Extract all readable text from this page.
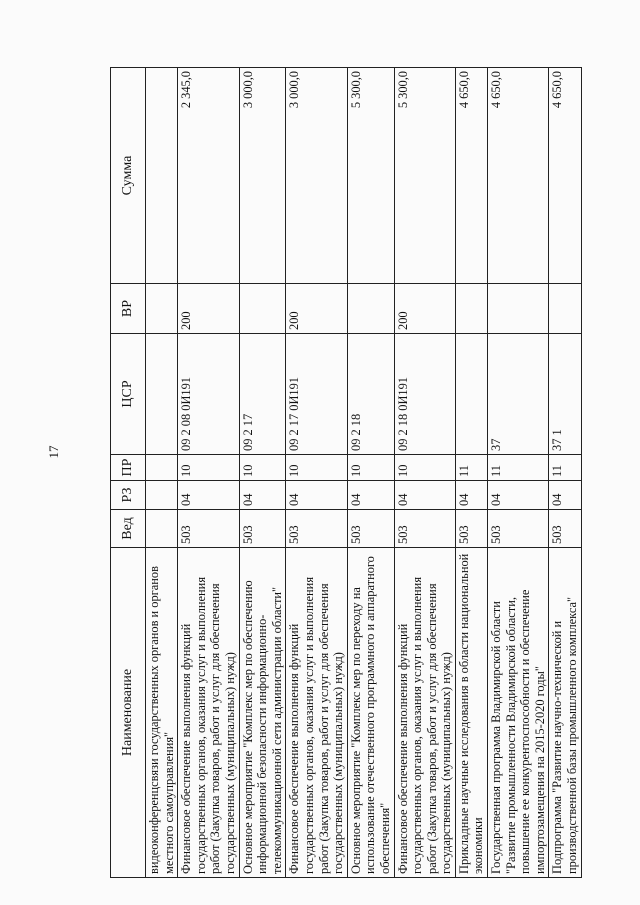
17
Наименование	Вед	РЗ	ПР	ЦСР	ВР	Сумма
видеоконференцсвязи государственных органов и органов местного самоуправления"						
Финансовое обеспечение выполнения функций государственных органов, оказания услуг и выполнения работ (Закупка товаров, работ и услуг для обеспечения государственных (муниципальных) нужд)	503	04	10	09 2 08 0И191	200	2 345,0
Основное мероприятие "Комплекс мер по обеспечению информационной безопасности информационно-телекоммуникационной сети администрации области"	503	04	10	09 2 17		3 000,0
Финансовое обеспечение выполнения функций государственных органов, оказания услуг и выполнения работ (Закупка товаров, работ и услуг для обеспечения государственных (муниципальных) нужд)	503	04	10	09 2 17 0И191	200	3 000,0
Основное мероприятие "Комплекс мер по переходу на использование отечественного программного и аппаратного обеспечения"	503	04	10	09 2 18		5 300,0
Финансовое обеспечение выполнения функций государственных органов, оказания услуг и выполнения работ (Закупка товаров, работ и услуг для обеспечения государственных (муниципальных) нужд)	503	04	10	09 2 18 0И191	200	5 300,0
Прикладные научные исследования в области национальной экономики	503	04	11			4 650,0
Государственная программа Владимирской области "Развитие промышленности Владимирской области, повышение ее конкурентоспособности и обеспечение импортозамещения на 2015-2020 годы"	503	04	11	37		4 650,0
Подпрограмма "Развитие научно-технической и производственной базы промышленного комплекса"	503	04	11	37 1		4 650,0
